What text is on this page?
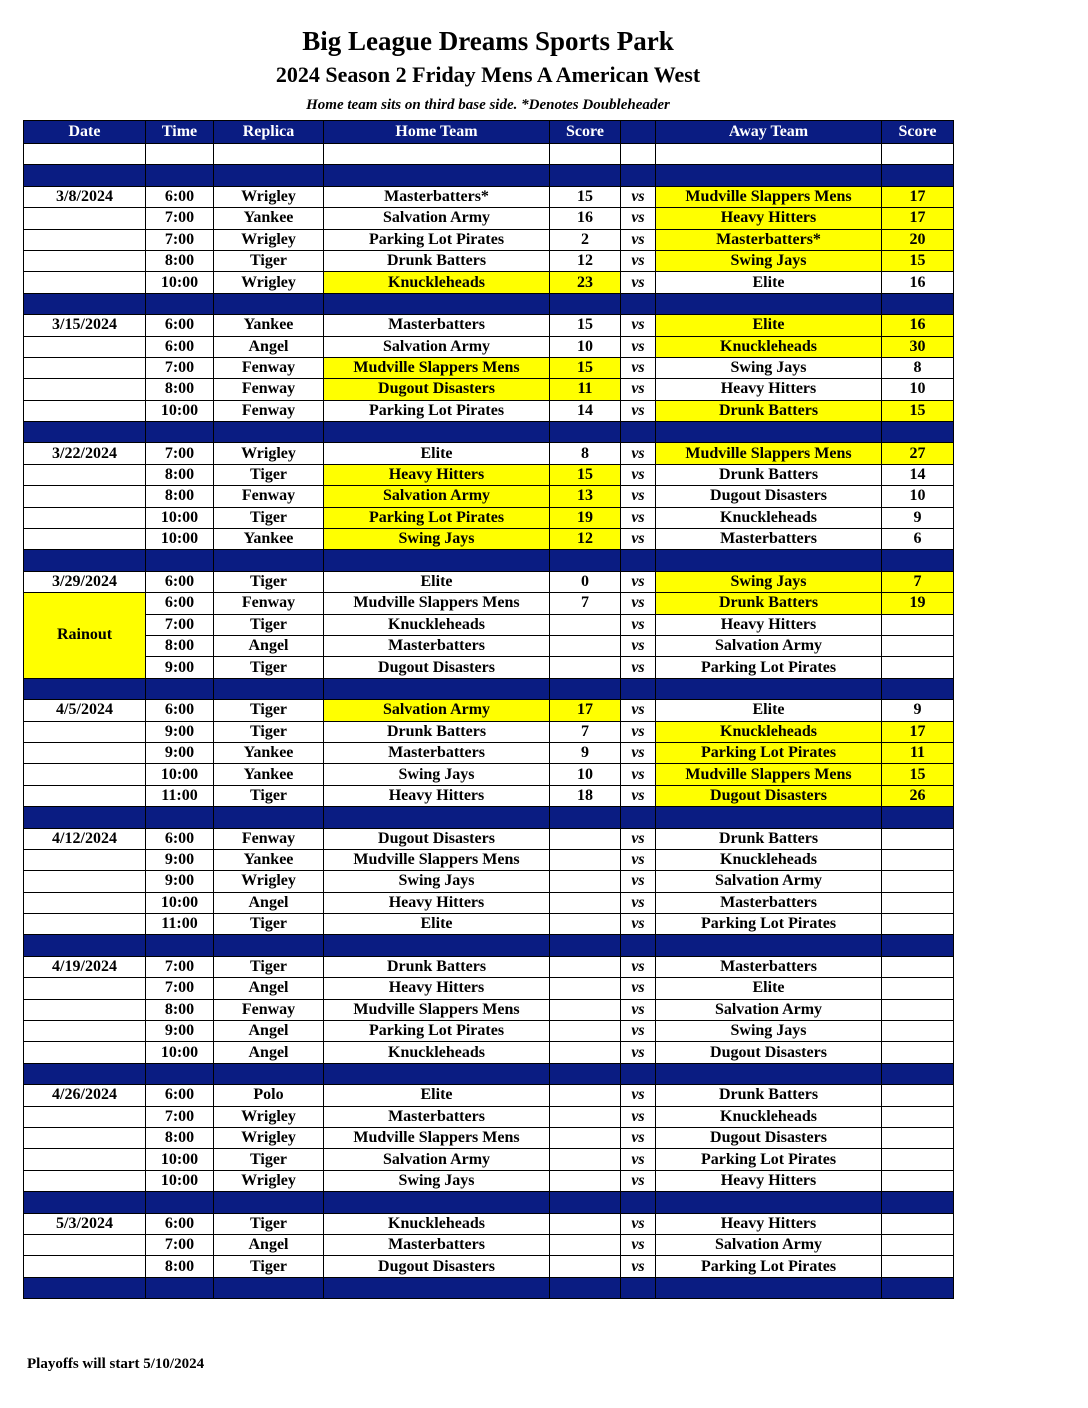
Big League Dreams Sports Park
2024 Season 2 Friday Mens A American West
Home team sits on third base side. *Denotes Doubleheader
Date	Time	Replica	Home Team	Score		Away Team	Score

3/8/2024	6:00	Wrigley	Masterbatters*	15	vs	Mudville Slappers Mens	17
	7:00	Yankee	Salvation Army	16	vs	Heavy Hitters	17
	7:00	Wrigley	Parking Lot Pirates	2	vs	Masterbatters*	20
	8:00	Tiger	Drunk Batters	12	vs	Swing Jays	15
	10:00	Wrigley	Knuckleheads	23	vs	Elite	16

3/15/2024	6:00	Yankee	Masterbatters	15	vs	Elite	16
	6:00	Angel	Salvation Army	10	vs	Knuckleheads	30
	7:00	Fenway	Mudville Slappers Mens	15	vs	Swing Jays	8
	8:00	Fenway	Dugout Disasters	11	vs	Heavy Hitters	10
	10:00	Fenway	Parking Lot Pirates	14	vs	Drunk Batters	15

3/22/2024	7:00	Wrigley	Elite	8	vs	Mudville Slappers Mens	27
	8:00	Tiger	Heavy Hitters	15	vs	Drunk Batters	14
	8:00	Fenway	Salvation Army	13	vs	Dugout Disasters	10
	10:00	Tiger	Parking Lot Pirates	19	vs	Knuckleheads	9
	10:00	Yankee	Swing Jays	12	vs	Masterbatters	6

3/29/2024	6:00	Tiger	Elite	0	vs	Swing Jays	7
Rainout	6:00	Fenway	Mudville Slappers Mens	7	vs	Drunk Batters	19
	7:00	Tiger	Knuckleheads		vs	Heavy Hitters	
	8:00	Angel	Masterbatters		vs	Salvation Army	
	9:00	Tiger	Dugout Disasters		vs	Parking Lot Pirates	

4/5/2024	6:00	Tiger	Salvation Army	17	vs	Elite	9
	9:00	Tiger	Drunk Batters	7	vs	Knuckleheads	17
	9:00	Yankee	Masterbatters	9	vs	Parking Lot Pirates	11
	10:00	Yankee	Swing Jays	10	vs	Mudville Slappers Mens	15
	11:00	Tiger	Heavy Hitters	18	vs	Dugout Disasters	26

4/12/2024	6:00	Fenway	Dugout Disasters		vs	Drunk Batters	
	9:00	Yankee	Mudville Slappers Mens		vs	Knuckleheads	
	9:00	Wrigley	Swing Jays		vs	Salvation Army	
	10:00	Angel	Heavy Hitters		vs	Masterbatters	
	11:00	Tiger	Elite		vs	Parking Lot Pirates	

4/19/2024	7:00	Tiger	Drunk Batters		vs	Masterbatters	
	7:00	Angel	Heavy Hitters		vs	Elite	
	8:00	Fenway	Mudville Slappers Mens		vs	Salvation Army	
	9:00	Angel	Parking Lot Pirates		vs	Swing Jays	
	10:00	Angel	Knuckleheads		vs	Dugout Disasters	

4/26/2024	6:00	Polo	Elite		vs	Drunk Batters	
	7:00	Wrigley	Masterbatters		vs	Knuckleheads	
	8:00	Wrigley	Mudville Slappers Mens		vs	Dugout Disasters	
	10:00	Tiger	Salvation Army		vs	Parking Lot Pirates	
	10:00	Wrigley	Swing Jays		vs	Heavy Hitters	

5/3/2024	6:00	Tiger	Knuckleheads		vs	Heavy Hitters	
	7:00	Angel	Masterbatters		vs	Salvation Army	
	8:00	Tiger	Dugout Disasters		vs	Parking Lot Pirates	

Playoffs will start 5/10/2024
